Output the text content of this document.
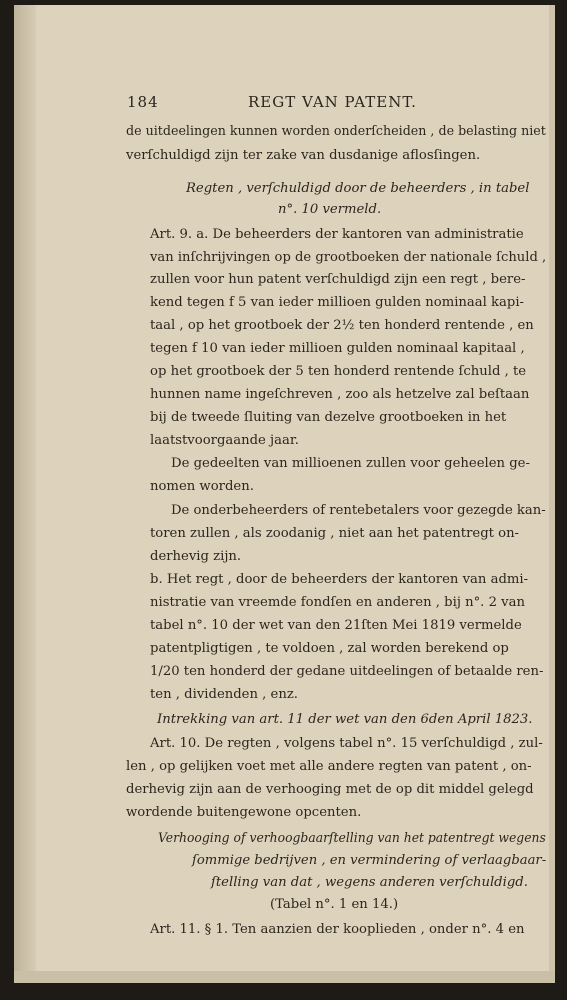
184	REGT VAN PATENT.
de uitdeelingen kunnen worden onderſcheiden , de belasting niet
verſchuldigd zijn ter zake van dusdanige aflosſingen.
Regten , verſchuldigd door de beheerders , in tabel
n°. 10 vermeld.
Art. 9. a. De beheerders der kantoren van administratie
van inſchrijvingen op de grootboeken der nationale ſchuld ,
zullen voor hun patent verſchuldigd zijn een regt , bere-
kend tegen f 5 van ieder millioen gulden nominaal kapi-
taal , op het grootboek der 2½ ten honderd rentende , en
tegen f 10 van ieder millioen gulden nominaal kapitaal ,
op het grootboek der 5 ten honderd rentende ſchuld , te
hunnen name ingeſchreven , zoo als hetzelve zal beſtaan
bij de tweede ſluiting van dezelve grootboeken in het
laatstvoorgaande jaar.
De gedeelten van millioenen zullen voor geheelen ge-
nomen worden.
De onderbeheerders of rentebetalers voor gezegde kan-
toren zullen , als zoodanig , niet aan het patentregt on-
derhevig zijn.
b. Het regt , door de beheerders der kantoren van admi-
nistratie van vreemde fondſen en anderen , bij n°. 2 van
tabel n°. 10 der wet van den 21ſten Mei 1819 vermelde
patentpligtigen , te voldoen , zal worden berekend op
1/20 ten honderd der gedane uitdeelingen of betaalde ren-
ten , dividenden , enz.
Intrekking van art. 11 der wet van den 6den April 1823.
Art. 10. De regten , volgens tabel n°. 15 verſchuldigd , zul-
len , op gelijken voet met alle andere regten van patent , on-
derhevig zijn aan de verhooging met de op dit middel gelegd
wordende buitengewone opcenten.
Verhooging of verhoogbaarſtelling van het patentregt wegens
ſommige bedrijven , en vermindering of verlaagbaar-
ſtelling van dat , wegens anderen verſchuldigd.
(Tabel n°. 1 en 14.)
Art. 11. § 1. Ten aanzien der kooplieden , onder n°. 4 en
